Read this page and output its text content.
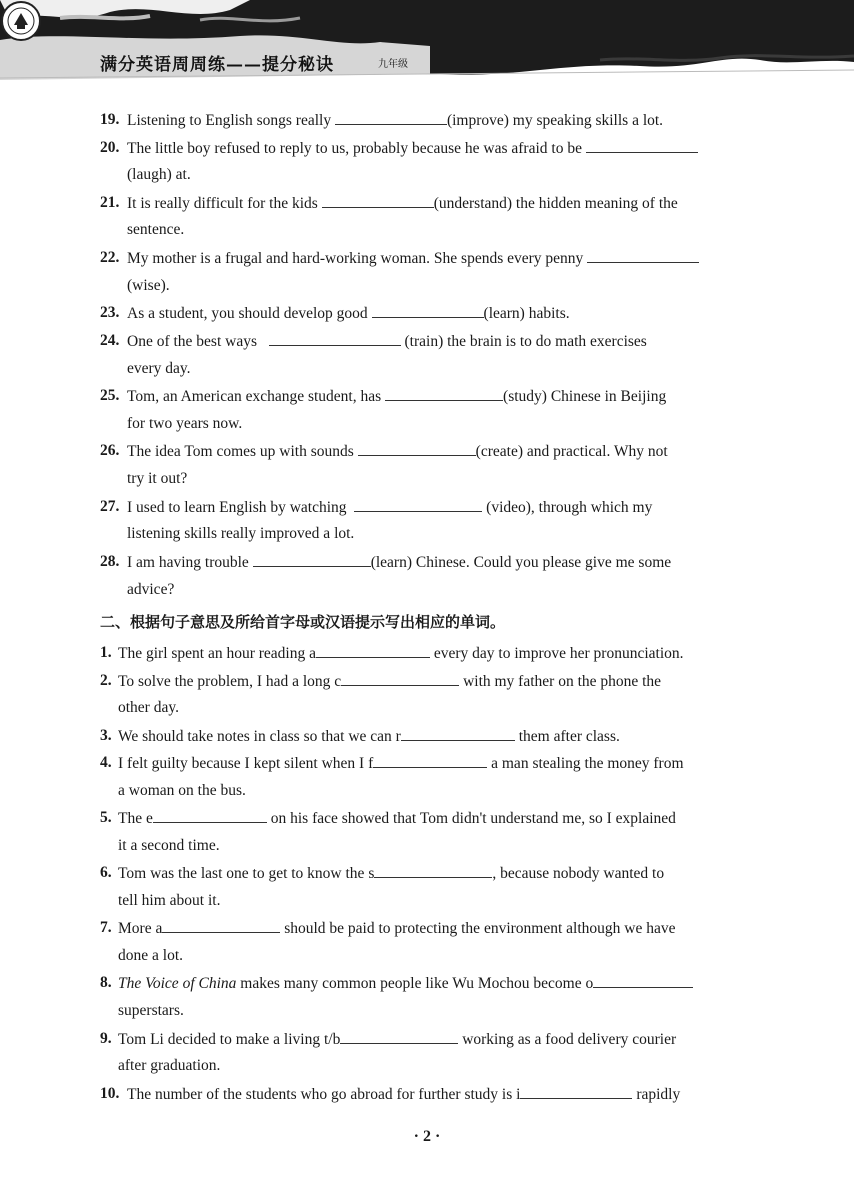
满分英语周周练——提分秘诀	九年级
19. Listening to English songs really	(improve) my speaking skills a lot.
20. The little boy refused to reply to us, probably because he was afraid to be
(laugh) at.
21. It is really difficult for the kids	(understand) the hidden meaning of the
sentence.
22. My mother is a frugal and hard-working woman. She spends every penny
(wise).
23. As a student, you should develop good	(learn) habits.
24. One of the best ways	(train) the brain is to do math exercises
every day.
25. Tom, an American exchange student, has	(study) Chinese in Beijing
for two years now.
26. The idea Tom comes up with sounds	(create) and practical. Why not
try it out?
27. I used to learn English by watching	(video), through which my
listening skills really improved a lot.
28. I am having trouble	(learn) Chinese. Could you please give me some
advice?
二、根据句子意思及所给首字母或汉语提示写出相应的单词。
1. The girl spent an hour reading a	every day to improve her pronunciation.
2. To solve the problem, I had a long c	with my father on the phone the
other day.
3. We should take notes in class so that we can r	them after class.
4. I felt guilty because I kept silent when I f	a man stealing the money from
a woman on the bus.
5. The e	on his face showed that Tom didn't understand me, so I explained
it a second time.
6. Tom was the last one to get to know the s	, because nobody wanted to
tell him about it.
7. More a	should be paid to protecting the environment although we have
done a lot.
8. The Voice of China makes many common people like Wu Mochou become o
superstars.
9. Tom Li decided to make a living t/b	working as a food delivery courier
after graduation.
10. The number of the students who go abroad for further study is i	rapidly
· 2 ·
